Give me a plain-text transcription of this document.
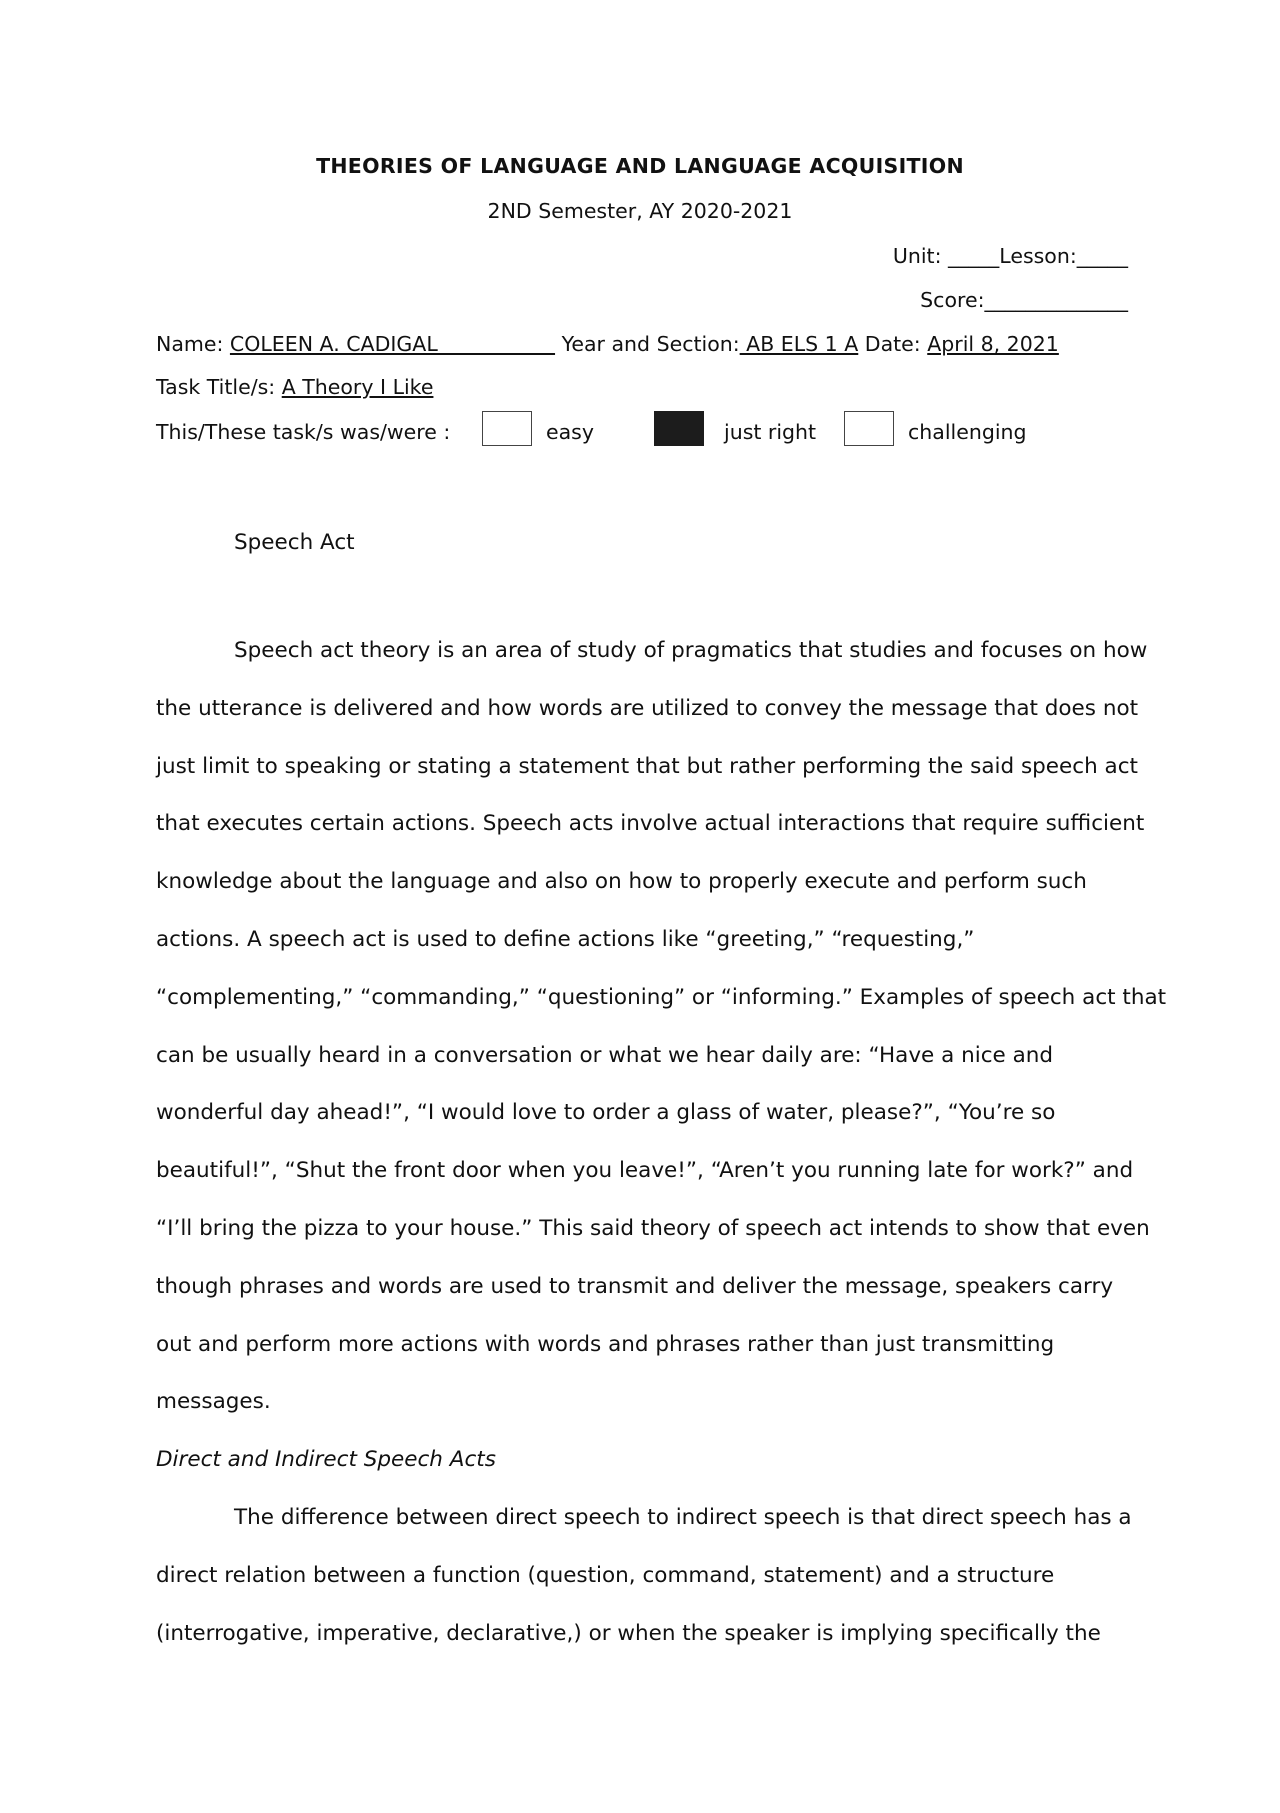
THEORIES OF LANGUAGE AND LANGUAGE ACQUISITION
2ND Semester, AY 2020-2021
Unit: _____Lesson:_____
Score:______________
Name: COLEEN A. CADIGAL                   Year and Section: AB ELS 1 A Date: April 8, 2021
Task Title/s: A Theory I Like
This/These task/s was/were :	easy	just right	challenging
Speech Act
Speech act theory is an area of study of pragmatics that studies and focuses on how
the utterance is delivered and how words are utilized to convey the message that does not
just limit to speaking or stating a statement that but rather performing the said speech act
that executes certain actions. Speech acts involve actual interactions that require sufficient
knowledge about the language and also on how to properly execute and perform such
actions. A speech act is used to define actions like “greeting,” “requesting,”
“complementing,” “commanding,” “questioning” or “informing.” Examples of speech act that
can be usually heard in a conversation or what we hear daily are: “Have a nice and
wonderful day ahead!”, “I would love to order a glass of water, please?”, “You’re so
beautiful!”, “Shut the front door when you leave!”, “Aren’t you running late for work?” and
“I’ll bring the pizza to your house.” This said theory of speech act intends to show that even
though phrases and words are used to transmit and deliver the message, speakers carry
out and perform more actions with words and phrases rather than just transmitting
messages.
Direct and Indirect Speech Acts
The difference between direct speech to indirect speech is that direct speech has a
direct relation between a function (question, command, statement) and a structure
(interrogative, imperative, declarative,) or when the speaker is implying specifically the
